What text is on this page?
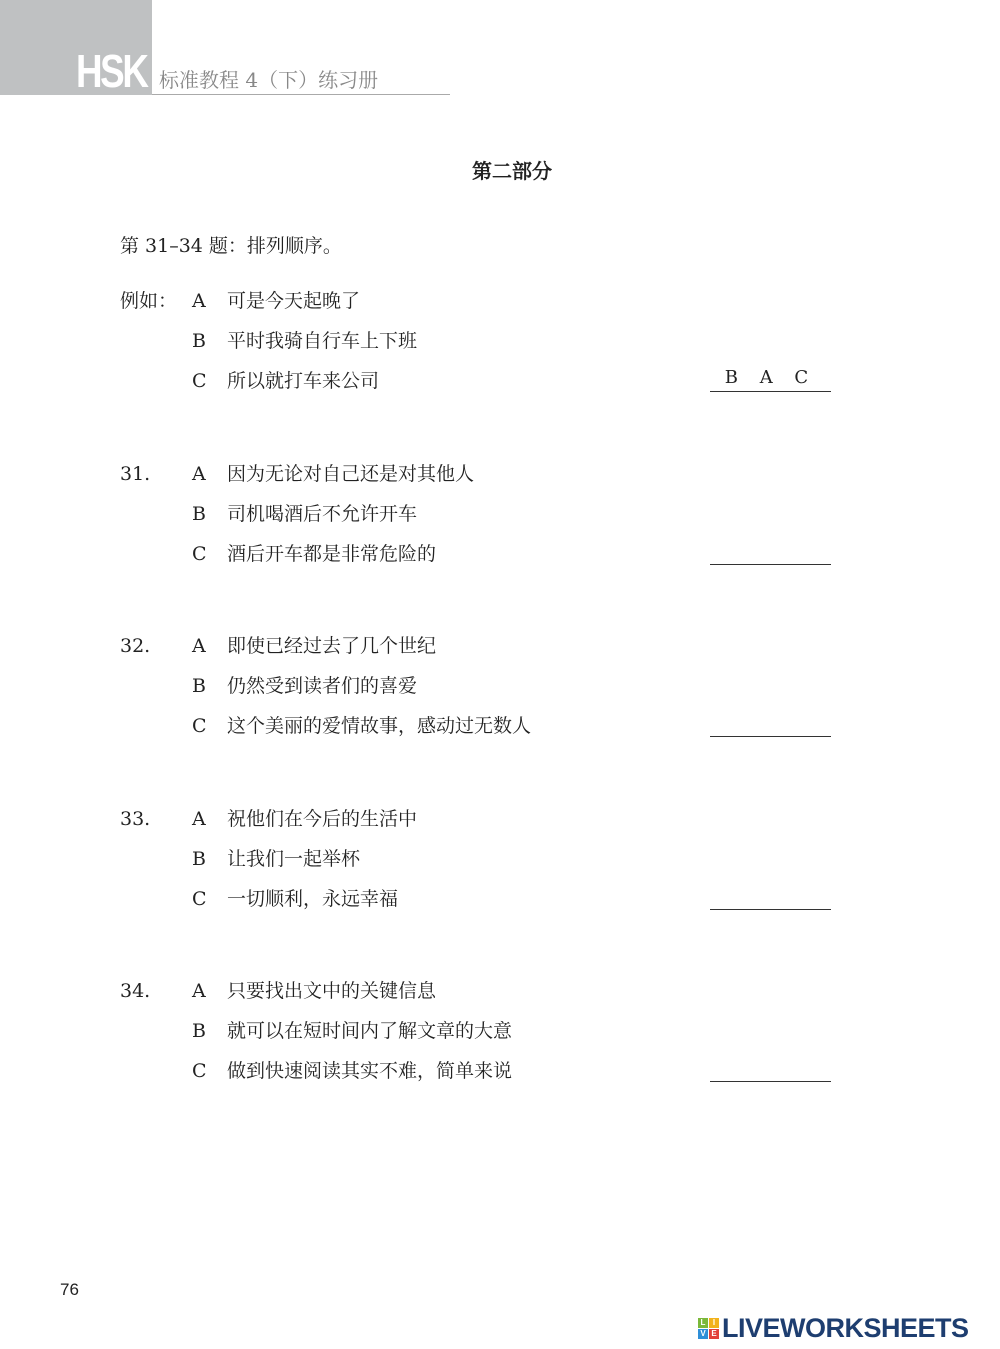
HSK 标准教程 4（下）练习册
第二部分
第 31–34 题：排列顺序。
例如： A 可是今天起晚了
B 平时我骑自行车上下班
C 所以就打车来公司	B A C
31. A 因为无论对自己还是对其他人
B 司机喝酒后不允许开车
C 酒后开车都是非常危险的
32. A 即使已经过去了几个世纪
B 仍然受到读者们的喜爱
C 这个美丽的爱情故事，感动过无数人
33. A 祝他们在今后的生活中
B 让我们一起举杯
C 一切顺利，永远幸福
34. A 只要找出文中的关键信息
B 就可以在短时间内了解文章的大意
C 做到快速阅读其实不难，简单来说
76
L I
V E LIVEWORKSHEETS
